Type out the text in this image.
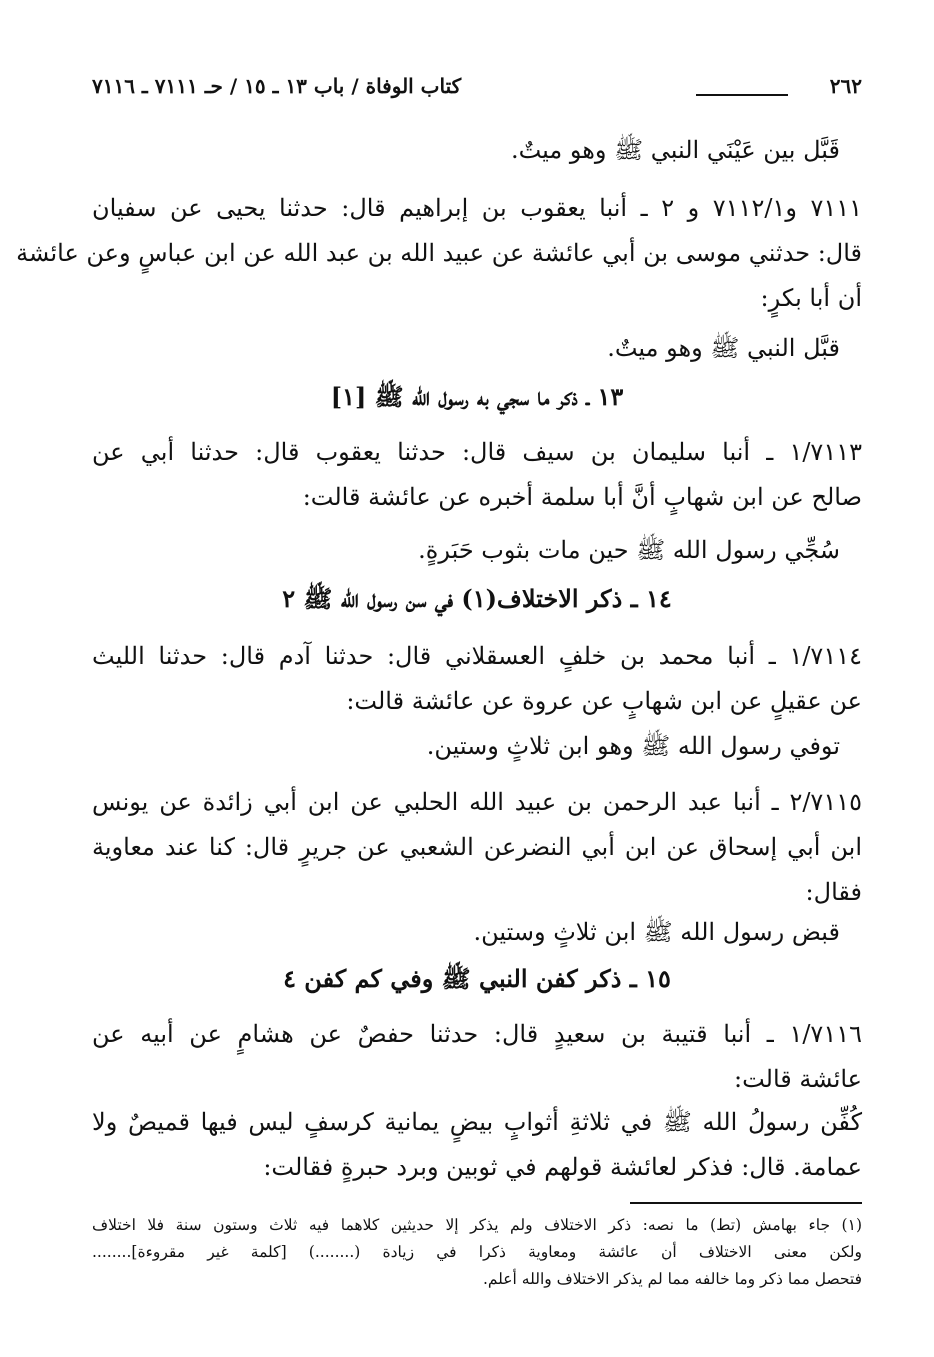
٢٦٢
كتاب الوفاة / باب ١٣ ـ ١٥ / حـ ٧١١١ ـ ٧١١٦
قَبَّل بين عَيْنَي النبي ﷺ وهو ميتٌ.
٧١١١ و٧١١٢/١ و ٢ ـ أنبا يعقوب بن إبراهيم قال: حدثنا يحيى عن سفيان
قال: حدثني موسى بن أبي عائشة عن عبيد الله بن عبد الله عن ابن عباسٍ وعن عائشة
أن أبا بكرٍ:
قبَّل النبي ﷺ وهو ميتٌ.
١٣ ـ ذكر ما سجي به رسول الله ﷺ [١]
١/٧١١٣ ـ أنبا سليمان بن سيف قال: حدثنا يعقوب قال: حدثنا أبي عن
صالح عن ابن شهابٍ أنَّ أبا سلمة أخبره عن عائشة قالت:
سُجِّي رسول الله ﷺ حين مات بثوب حَبَرةٍ.
١٤ ـ ذكر الاختلاف(١) في سن رسول الله ﷺ ٢
١/٧١١٤ ـ أنبا محمد بن خلفٍ العسقلاني قال: حدثنا آدم قال: حدثنا الليث
عن عقيلٍ عن ابن شهابٍ عن عروة عن عائشة قالت:
توفي رسول الله ﷺ وهو ابن ثلاثٍ وستين.
٢/٧١١٥ ـ أنبا عبد الرحمن بن عبيد الله الحلبي عن ابن أبي زائدة عن يونس
ابن أبي إسحاق عن ابن أبي النضرعن الشعبي عن جريرٍ قال: كنا عند معاوية
فقال:
قبض رسول الله ﷺ ابن ثلاثٍ وستين.
١٥ ـ ذكر كفن النبي ﷺ وفي كم كفن ٤
١/٧١١٦ ـ أنبا قتيبة بن سعيدٍ قال: حدثنا حفصٌ عن هشامٍ عن أبيه عن
عائشة قالت:
كُفِّن رسولُ الله ﷺ في ثلاثةِ أثوابٍ بيضٍ يمانية كرسفٍ ليس فيها قميصٌ ولا
عمامة. قال: فذكر لعائشة قولهم في ثوبين وبرد حبرةٍ فقالت:
(١) جاء بهامش (تط) ما نصه: ذكر الاختلاف ولم يذكر إلا حديثين كلاهما فيه ثلاث وستون سنة فلا اختلاف
ولكن معنى الاختلاف أن عائشة ومعاوية ذكرا في زيادة (........) [كلمة غير مقروءة]........
فتحصل مما ذكر وما خالفه مما لم يذكر الاختلاف والله أعلم.
